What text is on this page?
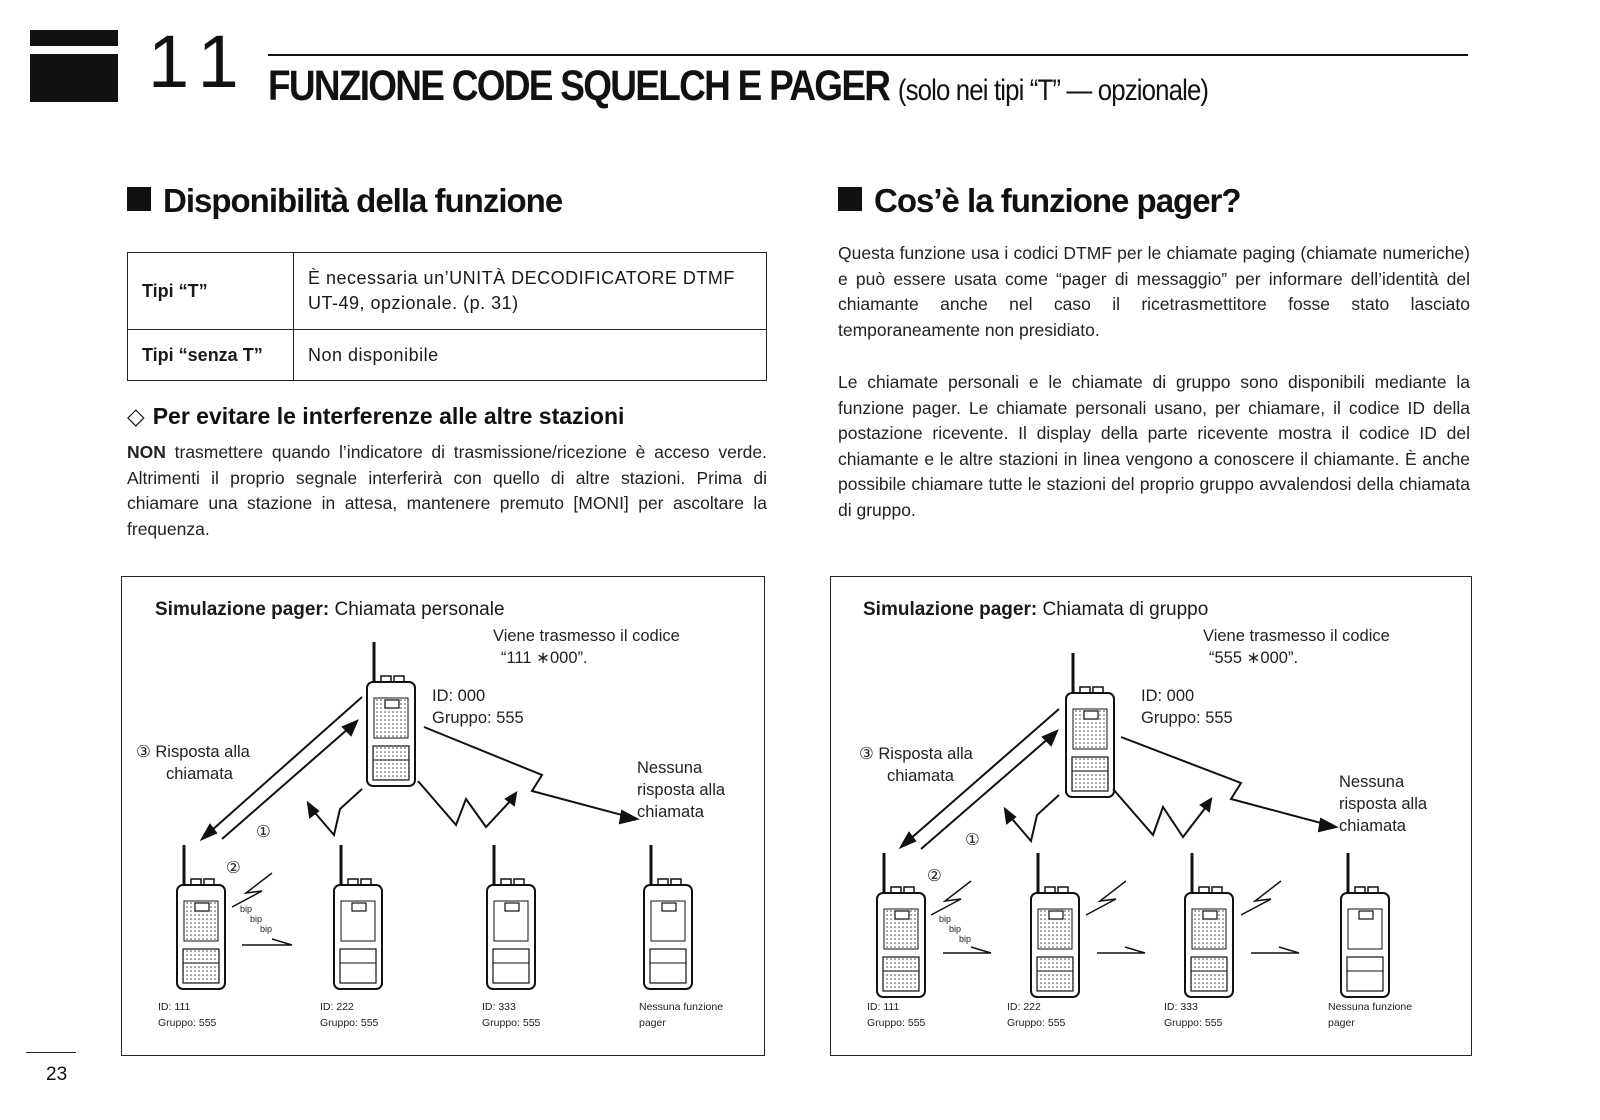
11 FUNZIONE CODE SQUELCH E PAGER (solo nei tipi “T” — opzionale)
Disponibilità della funzione
Tipi “T”	È necessaria un’UNITÀ DECODIFICATORE DTMF UT-49, opzionale. (p. 31)
Tipi “senza T”	Non disponibile
◇ Per evitare le interferenze alle altre stazioni
NON trasmettere quando l’indicatore di trasmissione/ricezione è acceso verde. Altrimenti il proprio segnale interferirà con quello di altre stazioni. Prima di chiamare una stazione in attesa, mantenere premuto [MONI] per ascoltare la frequenza.
Cos’è la funzione pager?
Questa funzione usa i codici DTMF per le chiamate paging (chiamate numeriche) e può essere usata come “pager di messaggio” per informare dell’identità del chiamante anche nel caso il ricetrasmettitore fosse stato lasciato temporaneamente non presidiato.
Le chiamate personali e le chiamate di gruppo sono disponibili mediante la funzione pager. Le chiamate personali usano, per chiamare, il codice ID della postazione ricevente. Il display della parte ricevente mostra il codice ID del chiamante e le altre stazioni in linea vengono a conoscere il chiamante. È anche possibile chiamare tutte le stazioni del proprio gruppo avvalendosi della chiamata di gruppo.
Simulazione pager: Chiamata personale
Viene trasmesso il codice
“111 ∗000”.
ID: 000
Gruppo: 555
③ Risposta alla
chiamata	Nessuna
risposta alla
chiamata
①
②
bip
bip
bip
ID: 111
Gruppo: 555
ID: 222
Gruppo: 555
ID: 333
Gruppo: 555
Nessuna funzione
pager
Simulazione pager: Chiamata di gruppo
Viene trasmesso il codice
“555 ∗000”.
ID: 000
Gruppo: 555
③ Risposta alla
chiamata	Nessuna
risposta alla
chiamata
①
②
bip
bip
bip
ID: 111
Gruppo: 555
ID: 222
Gruppo: 555
ID: 333
Gruppo: 555
Nessuna funzione
pager
23
